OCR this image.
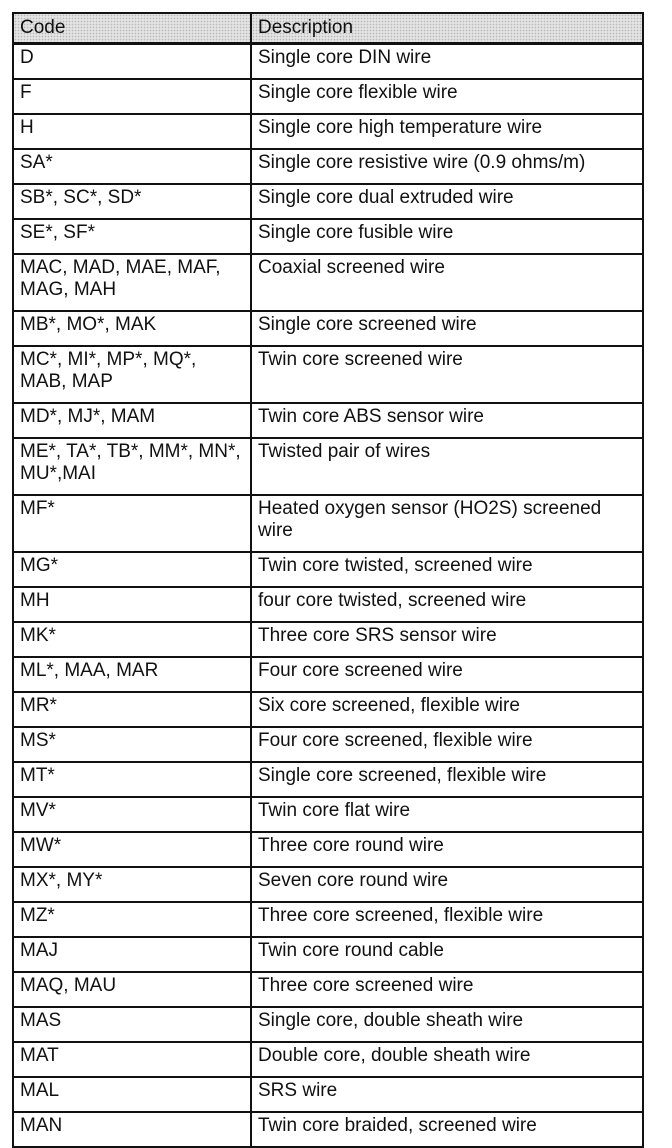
Code	Description
D	Single core DIN wire
F	Single core flexible wire
H	Single core high temperature wire
SA*	Single core resistive wire (0.9 ohms/m)
SB*, SC*, SD*	Single core dual extruded wire
SE*, SF*	Single core fusible wire
MAC, MAD, MAE, MAF, MAG, MAH	Coaxial screened wire
MB*, MO*, MAK	Single core screened wire
MC*, MI*, MP*, MQ*, MAB, MAP	Twin core screened wire
MD*, MJ*, MAM	Twin core ABS sensor wire
ME*, TA*, TB*, MM*, MN*, MU*,MAI	Twisted pair of wires
MF*	Heated oxygen sensor (HO2S) screened wire
MG*	Twin core twisted, screened wire
MH	four core twisted, screened wire
MK*	Three core SRS sensor wire
ML*, MAA, MAR	Four core screened wire
MR*	Six core screened, flexible wire
MS*	Four core screened, flexible wire
MT*	Single core screened, flexible wire
MV*	Twin core flat wire
MW*	Three core round wire
MX*, MY*	Seven core round wire
MZ*	Three core screened, flexible wire
MAJ	Twin core round cable
MAQ, MAU	Three core screened wire
MAS	Single core, double sheath wire
MAT	Double core, double sheath wire
MAL	SRS wire
MAN	Twin core braided, screened wire
